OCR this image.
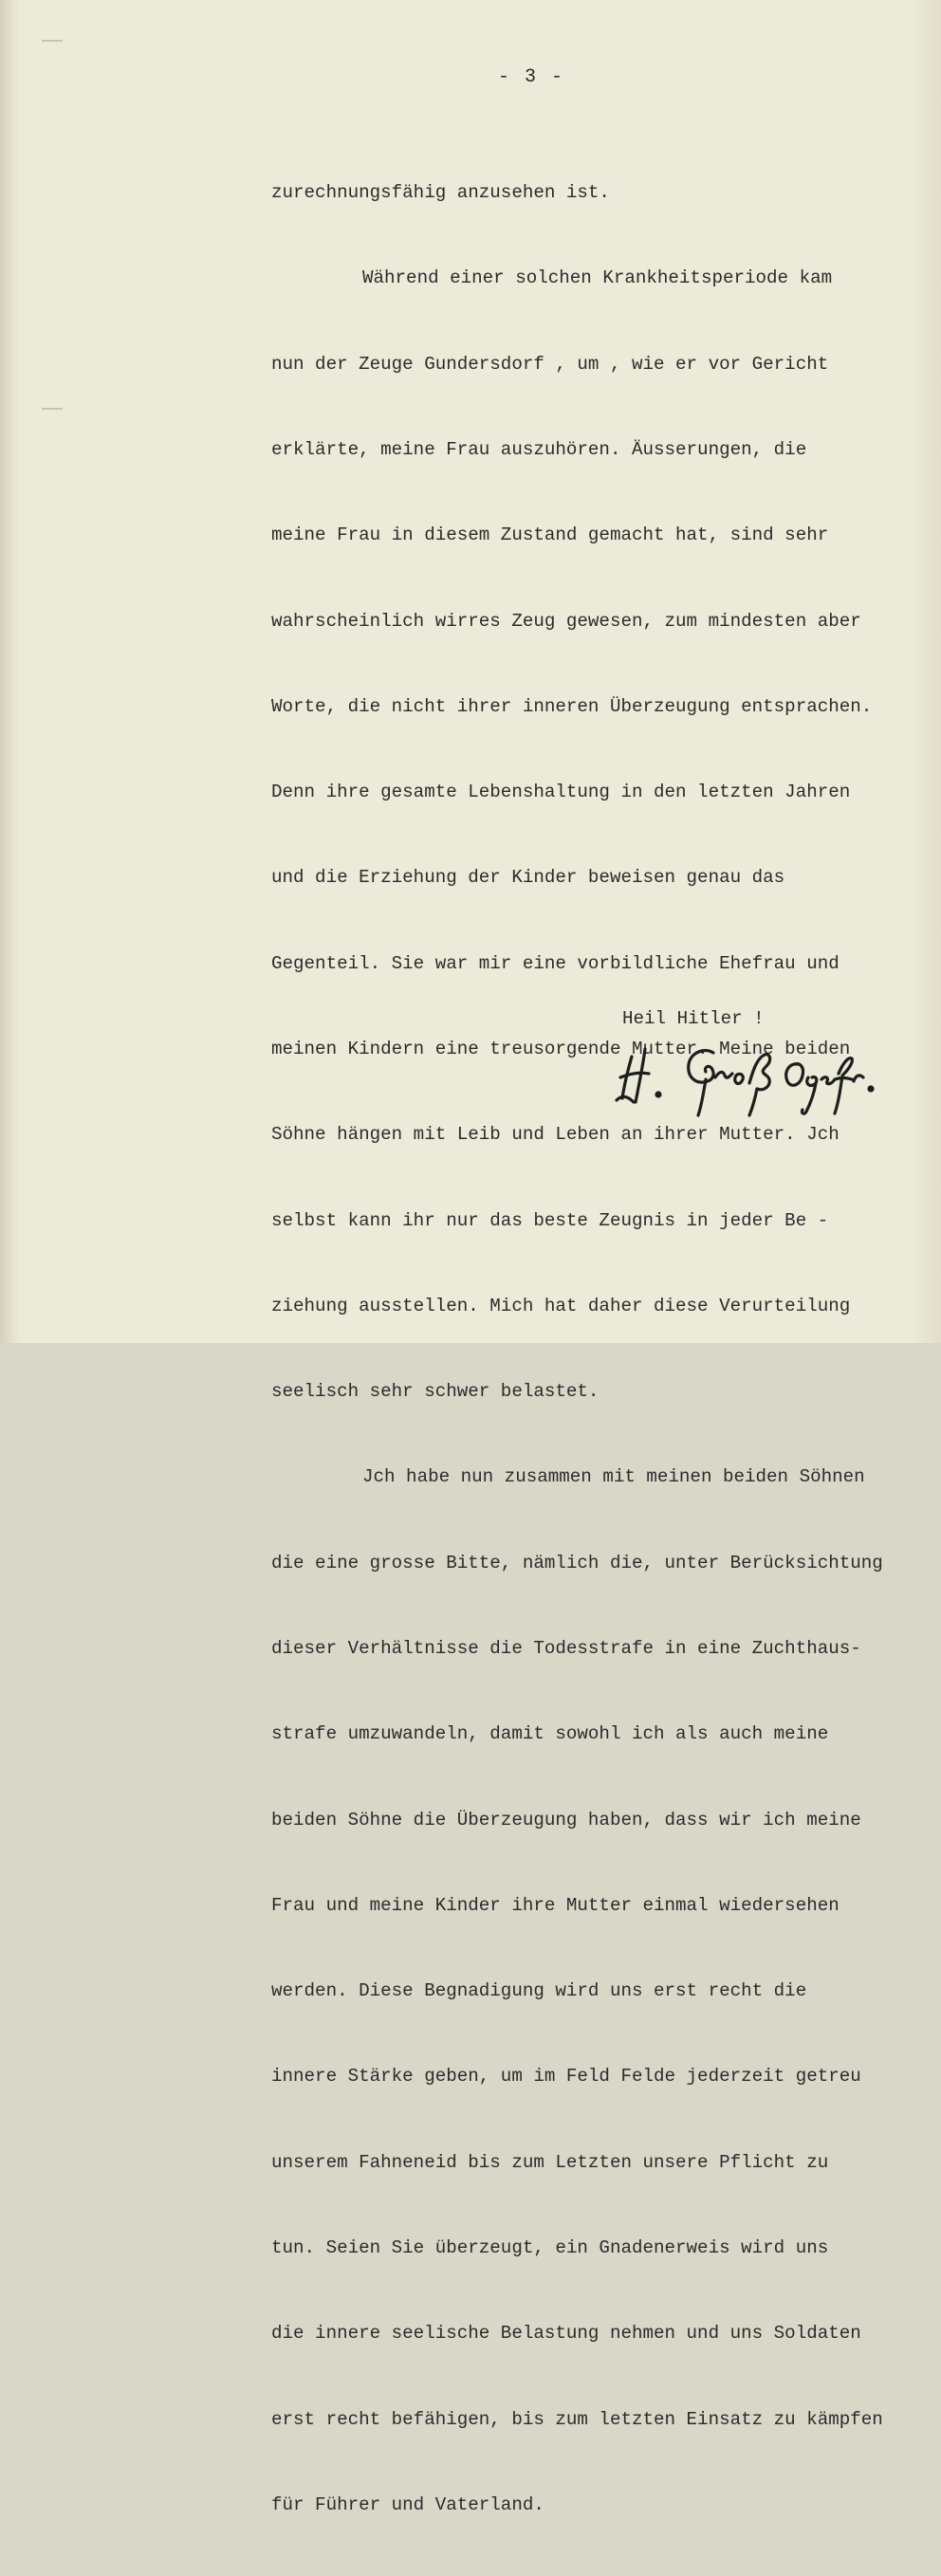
- 3 -

zurechnungsfähig anzusehen ist.

Während einer solchen Krankheitsperiode kam

nun der Zeuge Gundersdorf , um , wie er vor Gericht

erklärte, meine Frau auszuhören. Äusserungen, die

meine Frau in diesem Zustand gemacht hat, sind sehr

wahrscheinlich wirres Zeug gewesen, zum mindesten aber

Worte, die nicht ihrer inneren Überzeugung entsprachen.

Denn ihre gesamte Lebenshaltung in den letzten Jahren

und die Erziehung der Kinder beweisen genau das

Gegenteil. Sie war mir eine vorbildliche Ehefrau und

meinen Kindern eine treusorgende Mutter. Meine beiden

Söhne hängen mit Leib und Leben an ihrer Mutter. Jch

selbst kann ihr nur das beste Zeugnis in jeder Be -

ziehung ausstellen. Mich hat daher diese Verurteilung

seelisch sehr schwer belastet.

Jch habe nun zusammen mit meinen beiden Söhnen

die eine grosse Bitte, nämlich die, unter Berücksichtung

dieser Verhältnisse die Todesstrafe in eine Zuchthaus-

strafe umzuwandeln, damit sowohl ich als auch meine

beiden Söhne die Überzeugung haben, dass wir ich meine

Frau und meine Kinder ihre Mutter einmal wiedersehen

werden. Diese Begnadigung wird uns erst recht die

innere Stärke geben, um im Feld Felde jederzeit getreu

unserem Fahneneid bis zum Letzten unsere Pflicht zu

tun. Seien Sie überzeugt, ein Gnadenerweis wird uns

die innere seelische Belastung nehmen und uns Soldaten

erst recht befähigen, bis zum letzten Einsatz zu kämpfen

für Führer und Vaterland.

Heil Hitler !
